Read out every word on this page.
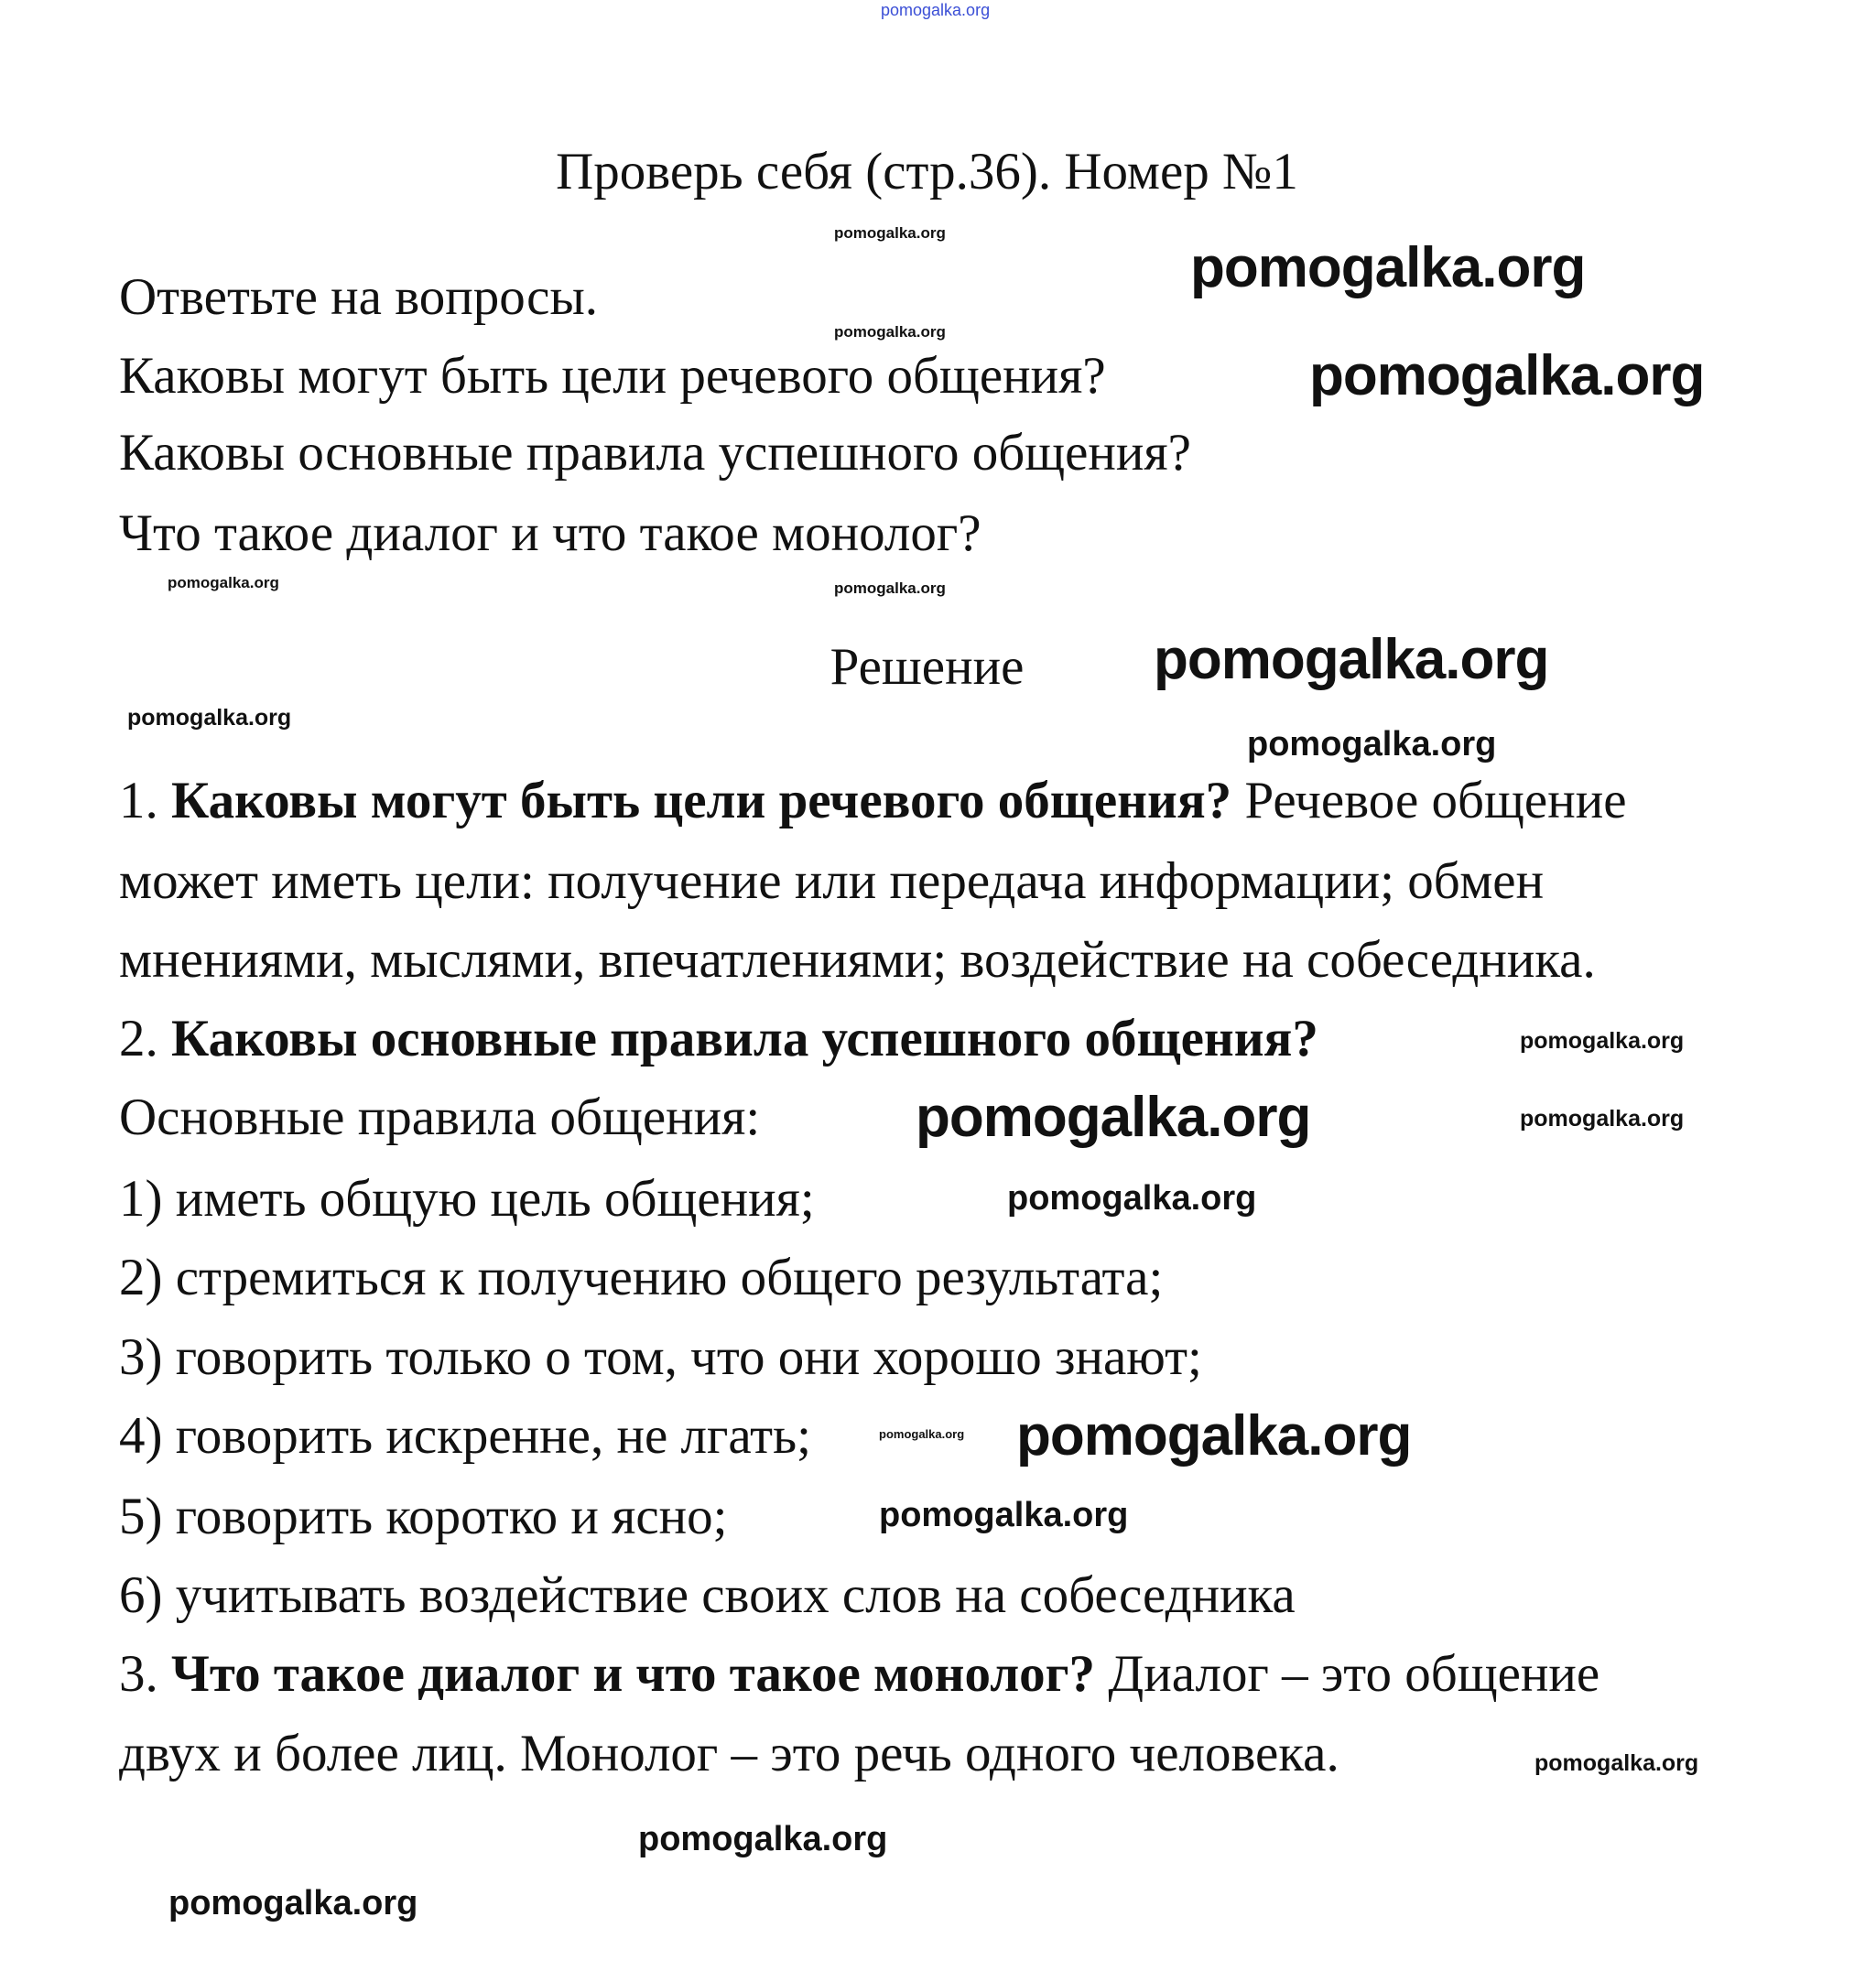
Проверь себя (стр.36). Номер №1
Ответьте на вопросы.
Каковы могут быть цели речевого общения?
Каковы основные правила успешного общения?
Что такое диалог и что такое монолог?
Решение
1. Каковы могут быть цели речевого общения? Речевое общение
может иметь цели: получение или передача информации; обмен
мнениями, мыслями, впечатлениями; воздействие на собеседника.
2. Каковы основные правила успешного общения?
Основные правила общения:
1) иметь общую цель общения;
2) стремиться к получению общего результата;
3) говорить только о том, что они хорошо знают;
4) говорить искренне, не лгать;
5) говорить коротко и ясно;
6) учитывать воздействие своих слов на собеседника
3. Что такое диалог и что такое монолог? Диалог – это общение
двух и более лиц. Монолог – это речь одного человека.
pomogalka.org
pomogalka.org
pomogalka.org
pomogalka.org
pomogalka.org
pomogalka.org
pomogalka.org
pomogalka.org
pomogalka.org
pomogalka.org
pomogalka.org
pomogalka.org
pomogalka.org
pomogalka.org
pomogalka.org
pomogalka.org
pomogalka.org
pomogalka.org
pomogalka.org
pomogalka.org
